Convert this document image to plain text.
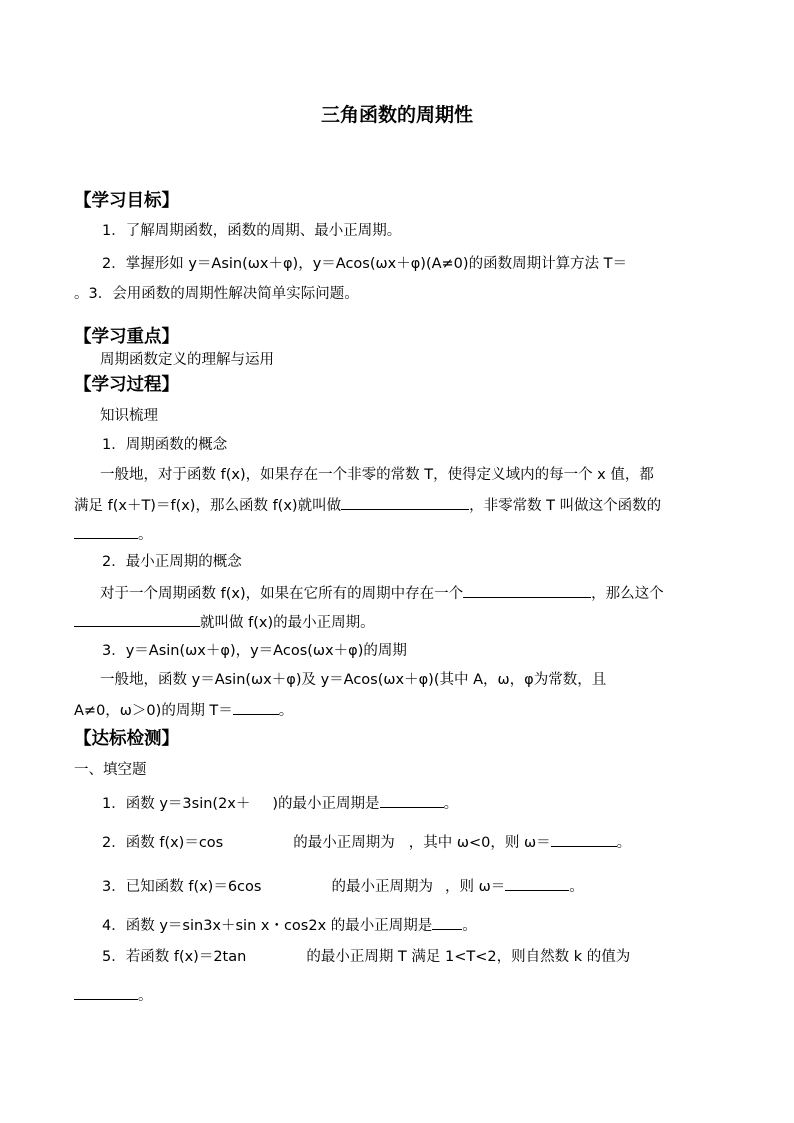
三角函数的周期性
【学习目标】
1．了解周期函数，函数的周期、最小正周期。
2．掌握形如 y＝Asin(ωx＋φ)，y＝Acos(ωx＋φ)(A≠0)的函数周期计算方法 T＝
。3．会用函数的周期性解决简单实际问题。
【学习重点】
周期函数定义的理解与运用
【学习过程】
知识梳理
1．周期函数的概念
一般地，对于函数 f(x)，如果存在一个非零的常数 T，使得定义域内的每一个 x 值，都
满足 f(x＋T)＝f(x)，那么函数 f(x)就叫做	，非零常数 T 叫做这个函数的
。
2．最小正周期的概念
对于一个周期函数 f(x)，如果在它所有的周期中存在一个	，那么这个
就叫做 f(x)的最小正周期。
3．y＝Asin(ωx＋φ)，y＝Acos(ωx＋φ)的周期
一般地，函数 y＝Asin(ωx＋φ)及 y＝Acos(ωx＋φ)(其中 A，ω，φ为常数，且
A≠0，ω＞0)的周期 T＝	。
【达标检测】
一、填空题
1．函数 y＝3sin(2x＋ )的最小正周期是	。
2．函数 f(x)＝cos	的最小正周期为 ，其中 ω<0，则 ω＝	。
3．已知函数 f(x)＝6cos	的最小正周期为 ，则 ω＝	。
4．函数 y＝sin3x＋sin x・cos2x 的最小正周期是 。
5．若函数 f(x)＝2tan	的最小正周期 T 满足 1<T<2，则自然数 k 的值为
。
